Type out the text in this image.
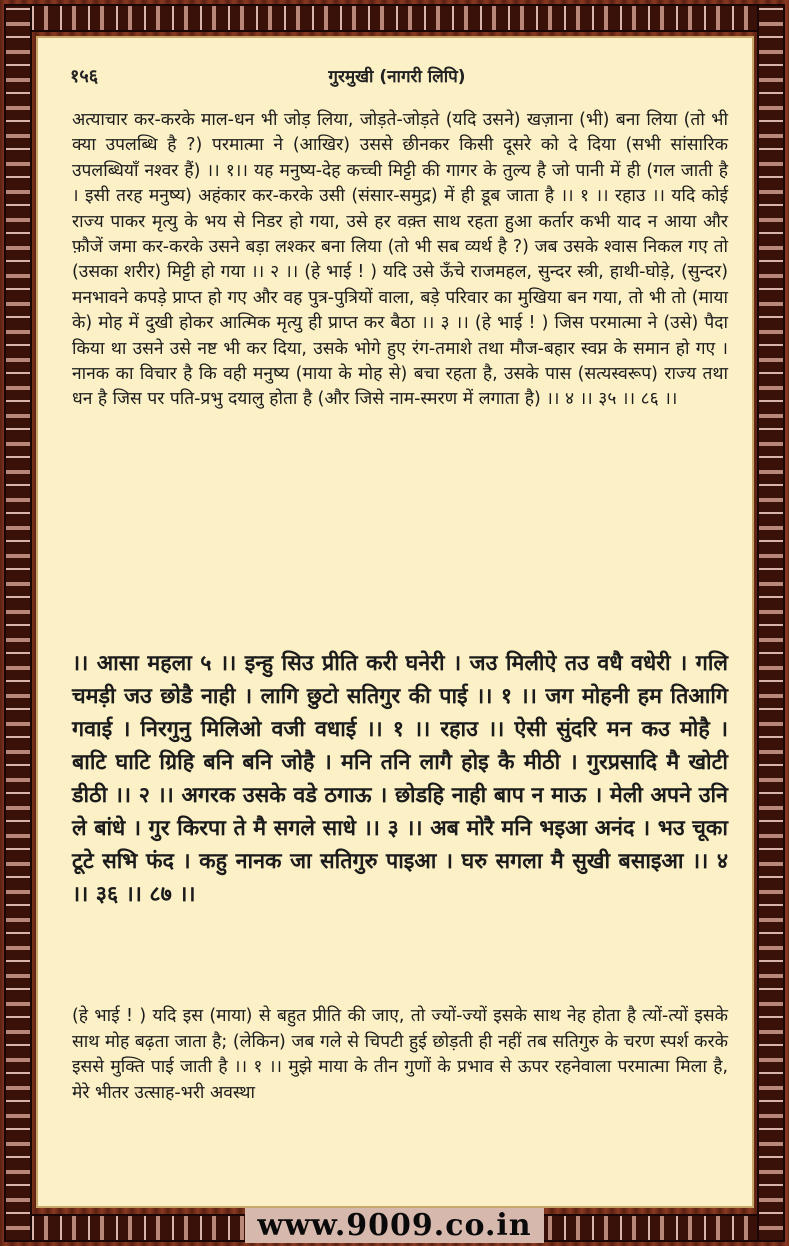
१५६	गुरमुखी (नागरी लिपि)
अत्याचार कर-करके माल-धन भी जोड़ लिया, जोड़ते-जोड़ते (यदि उसने) खज़ाना (भी) बना लिया (तो भी क्या उपलब्धि है ?) परमात्मा ने (आखिर) उससे छीनकर किसी दूसरे को दे दिया (सभी सांसारिक उपलब्धियाँ नश्वर हैं) ।। १।। यह मनुष्य-देह कच्ची मिट्टी की गागर के तुल्य है जो पानी में ही (गल जाती है । इसी तरह मनुष्य) अहंकार कर-करके उसी (संसार-समुद्र) में ही डूब जाता है ।। १ ।। रहाउ ।। यदि कोई राज्य पाकर मृत्यु के भय से निडर हो गया, उसे हर वक़्त साथ रहता हुआ कर्तार कभी याद न आया और फ़ौजें जमा कर-करके उसने बड़ा लश्कर बना लिया (तो भी सब व्यर्थ है ?) जब उसके श्वास निकल गए तो (उसका शरीर) मिट्टी हो गया ।। २ ।। (हे भाई ! ) यदि उसे ऊँचे राजमहल, सुन्दर स्त्री, हाथी-घोड़े, (सुन्दर) मनभावने कपड़े प्राप्त हो गए और वह पुत्र-पुत्रियों वाला, बड़े परिवार का मुखिया बन गया, तो भी तो (माया के) मोह में दुखी होकर आत्मिक मृत्यु ही प्राप्त कर बैठा ।। ३ ।। (हे भाई ! ) जिस परमात्मा ने (उसे) पैदा किया था उसने उसे नष्ट भी कर दिया, उसके भोगे हुए रंग-तमाशे तथा मौज-बहार स्वप्न के समान हो गए । नानक का विचार है कि वही मनुष्य (माया के मोह से) बचा रहता है, उसके पास (सत्यस्वरूप) राज्य तथा धन है जिस पर पति-प्रभु दयालु होता है (और जिसे नाम-स्मरण में लगाता है) ।। ४ ।। ३५ ।। ८६ ।।
।। आसा महला ५ ।। इन्हु सिउ प्रीति करी घनेरी । जउ मिलीऐ तउ वधै वधेरी । गलि चमड़ी जउ छोडै नाही । लागि छुटो सतिगुर की पाई ।। १ ।। जग मोहनी हम तिआगि गवाई । निरगुनु मिलिओ वजी वधाई ।। १ ।। रहाउ ।। ऐसी सुंदरि मन कउ मोहै । बाटि घाटि ग्रिहि बनि बनि जोहै । मनि तनि लागै होइ कै मीठी । गुरप्रसादि मै खोटी डीठी ।। २ ।। अगरक उसके वडे ठगाऊ । छोडहि नाही बाप न माऊ । मेली अपने उनि ले बांधे । गुर किरपा ते मै सगले साधे ।। ३ ।। अब मोरै मनि भइआ अनंद । भउ चूका टूटे सभि फंद । कहु नानक जा सतिगुरु पाइआ । घरु सगला मै सुखी बसाइआ ।। ४ ।। ३६ ।। ८७ ।।
(हे भाई ! ) यदि इस (माया) से बहुत प्रीति की जाए, तो ज्यों-ज्यों इसके साथ नेह होता है त्यों-त्यों इसके साथ मोह बढ़ता जाता है; (लेकिन) जब गले से चिपटी हुई छोड़ती ही नहीं तब सतिगुरु के चरण स्पर्श करके इससे मुक्ति पाई जाती है ।। १ ।। मुझे माया के तीन गुणों के प्रभाव से ऊपर रहनेवाला परमात्मा मिला है, मेरे भीतर उत्साह-भरी अवस्था
www.9009.co.in
